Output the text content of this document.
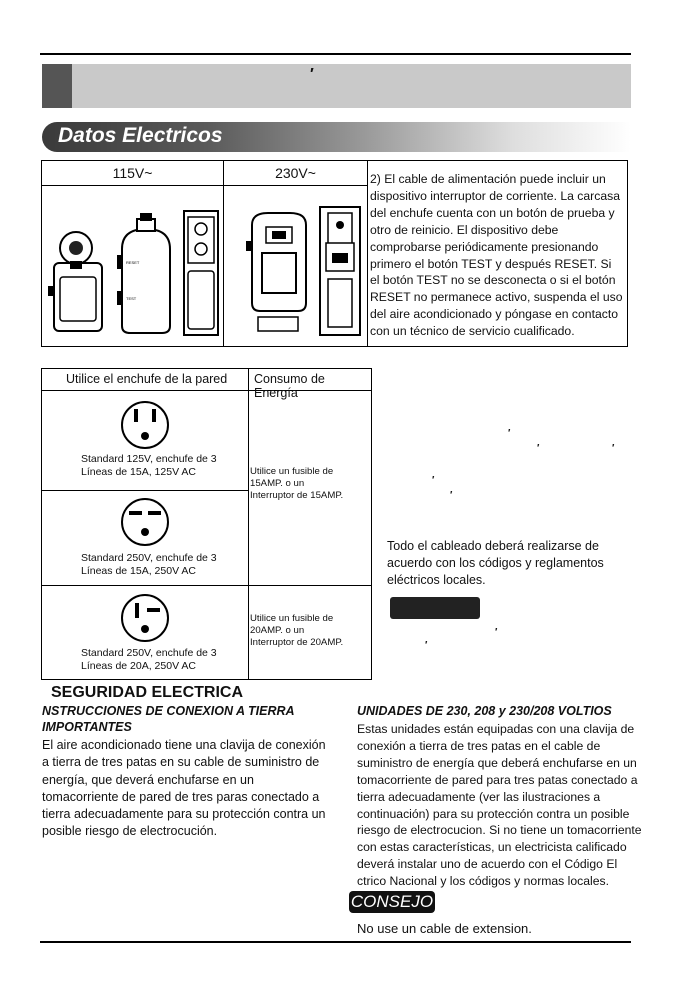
′
Datos Electricos
115V~	230V~
RESET
TEST
2) El cable de alimentación puede incluir un dispositivo interruptor de corriente. La carcasa del enchufe cuenta con un botón de prueba y otro de reinicio. El dispositivo debe comprobarse periódicamente presionando primero el botón TEST y después RESET. Si el botón TEST no se desconecta o si el botón RESET no permanece activo, suspenda el uso del aire acondicionado y póngase en contacto con un técnico de servicio cualificado.
Utilice el enchufe de la pared Consumo de Energía
Standard 125V, enchufe de 3
Líneas de 15A, 125V AC
Standard 250V, enchufe de 3
Líneas de 15A, 250V AC
Standard 250V, enchufe de 3
Líneas de 20A, 250V AC
Utilice un fusible de
15AMP. o un
Interruptor de 15AMP.
Utilice un fusible de
20AMP. o un
Interruptor de 20AMP.
′
′	′
′
′
Todo el cableado deberá realizarse de acuerdo con los códigos y reglamentos eléctricos locales.
′
′
SEGURIDAD ELECTRICA
NSTRUCCIONES DE CONEXION A TIERRA
IMPORTANTES
El aire acondicionado tiene una clavija de conexión a tierra de tres patas en su cable de suministro de energía, que deverá enchufarse en un tomacorriente de pared de tres paras conectado a tierra adecuadamente para su protección contra un posible riesgo de electrocución.
UNIDADES DE 230, 208 y 230/208 VOLTIOS
Estas unidades están equipadas con una clavija de conexión a tierra de tres patas en el cable de suministro de energía que deberá enchufarse en un tomacorriente de pared para tres patas conectado a tierra adecuadamente (ver las ilustraciones a continuación) para su protección contra un posible riesgo de electrocucion. Si no tiene un tomacorriente con estas características, un electricista calificado deverá instalar uno de acuerdo con el Código El ctrico Nacional y los códigos y normas locales.
CONSEJO
No use un cable de extension.
